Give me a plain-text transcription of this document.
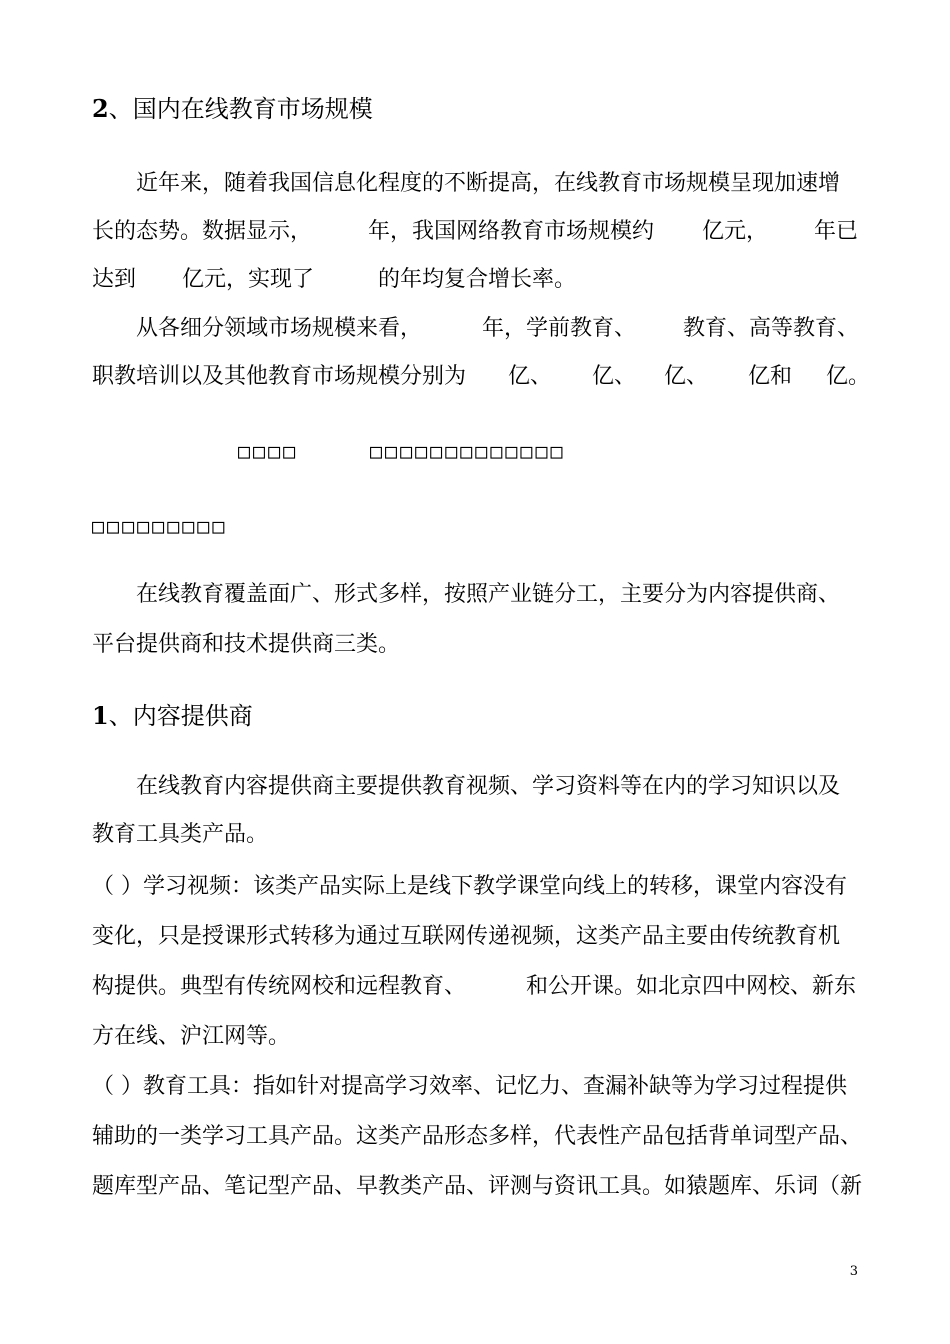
2、国内在线教育市场规模
近年来，随着我国信息化程度的不断提高，在线教育市场规模呈现加速增
长的态势。数据显示，	年，我国网络教育市场规模约 亿元， 年已
达到 亿元，实现了	的年均复合增长率。
从各细分领域市场规模来看，	年，学前教育、 教育、高等教育、
职教培训以及其他教育市场规模分别为 亿、 亿、 亿、 亿和 亿。
□□□□	□□□□□□□□□□□□□
□□□□□□□□□
在线教育覆盖面广、形式多样，按照产业链分工，主要分为内容提供商、
平台提供商和技术提供商三类。
1、内容提供商
在线教育内容提供商主要提供教育视频、学习资料等在内的学习知识以及
教育工具类产品。
（ ）学习视频：该类产品实际上是线下教学课堂向线上的转移，课堂内容没有
变化，只是授课形式转移为通过互联网传递视频，这类产品主要由传统教育机
构提供。典型有传统网校和远程教育、	和公开课。如北京四中网校、新东
方在线、沪江网等。
（ ）教育工具：指如针对提高学习效率、记忆力、查漏补缺等为学习过程提供
辅助的一类学习工具产品。这类产品形态多样，代表性产品包括背单词型产品、
题库型产品、笔记型产品、早教类产品、评测与资讯工具。如猿题库、乐词（新
3
